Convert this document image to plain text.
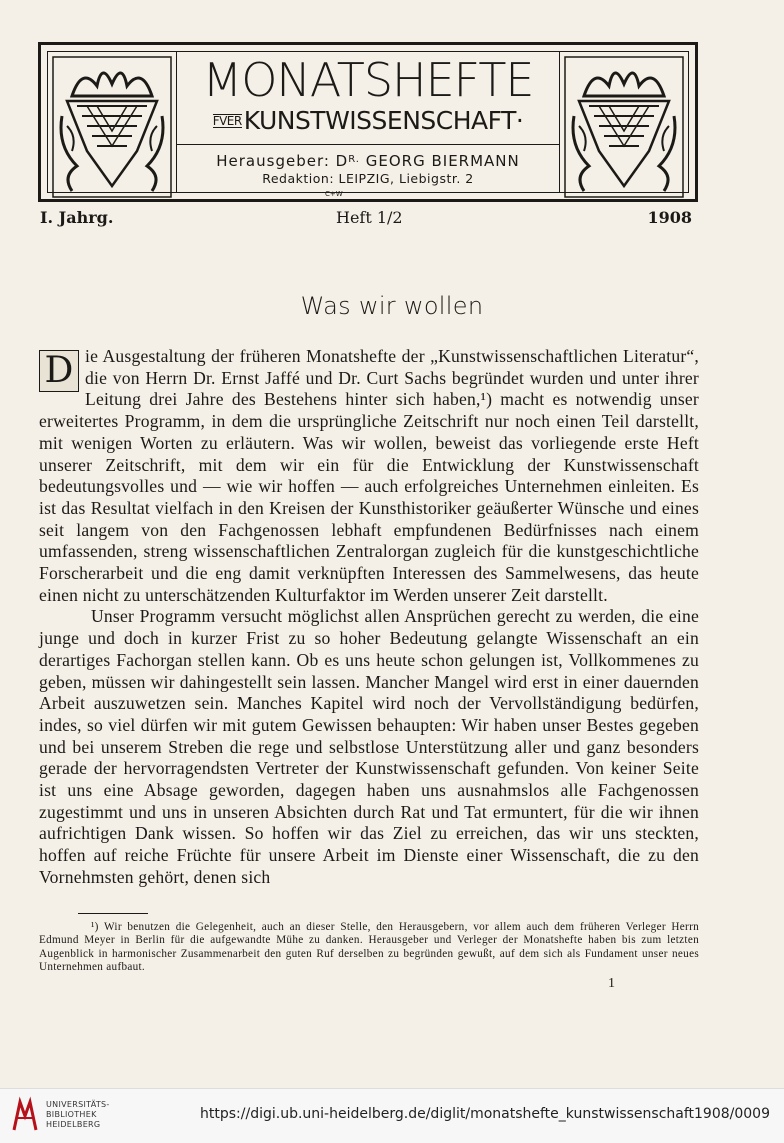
MONATSHEFTE
FVERKUNSTWISSENSCHAFT·
Herausgeber: $D^{R.}$ GEORG BIERMANN
Redaktion: LEIPZIG, Liebigstr. 2
C+W
I. Jahrg.	Heft 1/2	1908
Was wir wollen

D ie Ausgestaltung der früheren Monatshefte der „Kunstwissenschaftlichen Literatur“, die von Herrn Dr. Ernst Jaffé und Dr. Curt Sachs begründet wurden und unter ihrer Leitung drei Jahre des Bestehens hinter sich haben,¹) macht es notwendig unser erweitertes Programm, in dem die ursprüngliche Zeitschrift nur noch einen Teil darstellt, mit wenigen Worten zu erläutern. Was wir wollen, beweist das vorliegende erste Heft unserer Zeitschrift, mit dem wir ein für die Entwicklung der Kunstwissenschaft bedeutungsvolles und — wie wir hoffen — auch erfolgreiches Unternehmen einleiten. Es ist das Resultat vielfach in den Kreisen der Kunsthistoriker geäußerter Wünsche und eines seit langem von den Fachgenossen lebhaft empfundenen Bedürfnisses nach einem umfassenden, streng wissenschaftlichen Zentralorgan zugleich für die kunstgeschichtliche Forscherarbeit und die eng damit verknüpften Interessen des Sammelwesens, das heute einen nicht zu unterschätzenden Kulturfaktor im Werden unserer Zeit darstellt.

Unser Programm versucht möglichst allen Ansprüchen gerecht zu werden, die eine junge und doch in kurzer Frist zu so hoher Bedeutung gelangte Wissenschaft an ein derartiges Fachorgan stellen kann. Ob es uns heute schon gelungen ist, Vollkommenes zu geben, müssen wir dahingestellt sein lassen. Mancher Mangel wird erst in einer dauernden Arbeit auszuwetzen sein. Manches Kapitel wird noch der Vervollständigung bedürfen, indes, so viel dürfen wir mit gutem Gewissen behaupten: Wir haben unser Bestes gegeben und bei unserem Streben die rege und selbstlose Unterstützung aller und ganz besonders gerade der hervorragendsten Vertreter der Kunstwissenschaft gefunden. Von keiner Seite ist uns eine Absage geworden, dagegen haben uns ausnahmslos alle Fachgenossen zugestimmt und uns in unseren Absichten durch Rat und Tat ermuntert, für die wir ihnen aufrichtigen Dank wissen. So hoffen wir das Ziel zu erreichen, das wir uns steckten, hoffen auf reiche Früchte für unsere Arbeit im Dienste einer Wissenschaft, die zu den Vornehmsten gehört, denen sich

¹) Wir benutzen die Gelegenheit, auch an dieser Stelle, den Herausgebern, vor allem auch dem früheren Verleger Herrn Edmund Meyer in Berlin für die aufgewandte Mühe zu danken. Herausgeber und Verleger der Monatshefte haben bis zum letzten Augenblick in harmonischer Zusammenarbeit den guten Ruf derselben zu begründen gewußt, auf dem sich als Fundament unser neues Unternehmen aufbaut.

1
UNIVERSITÄTS-
BIBLIOTHEK
HEIDELBERG
https://digi.ub.uni-heidelberg.de/diglit/monatshefte_kunstwissenschaft1908/0009
